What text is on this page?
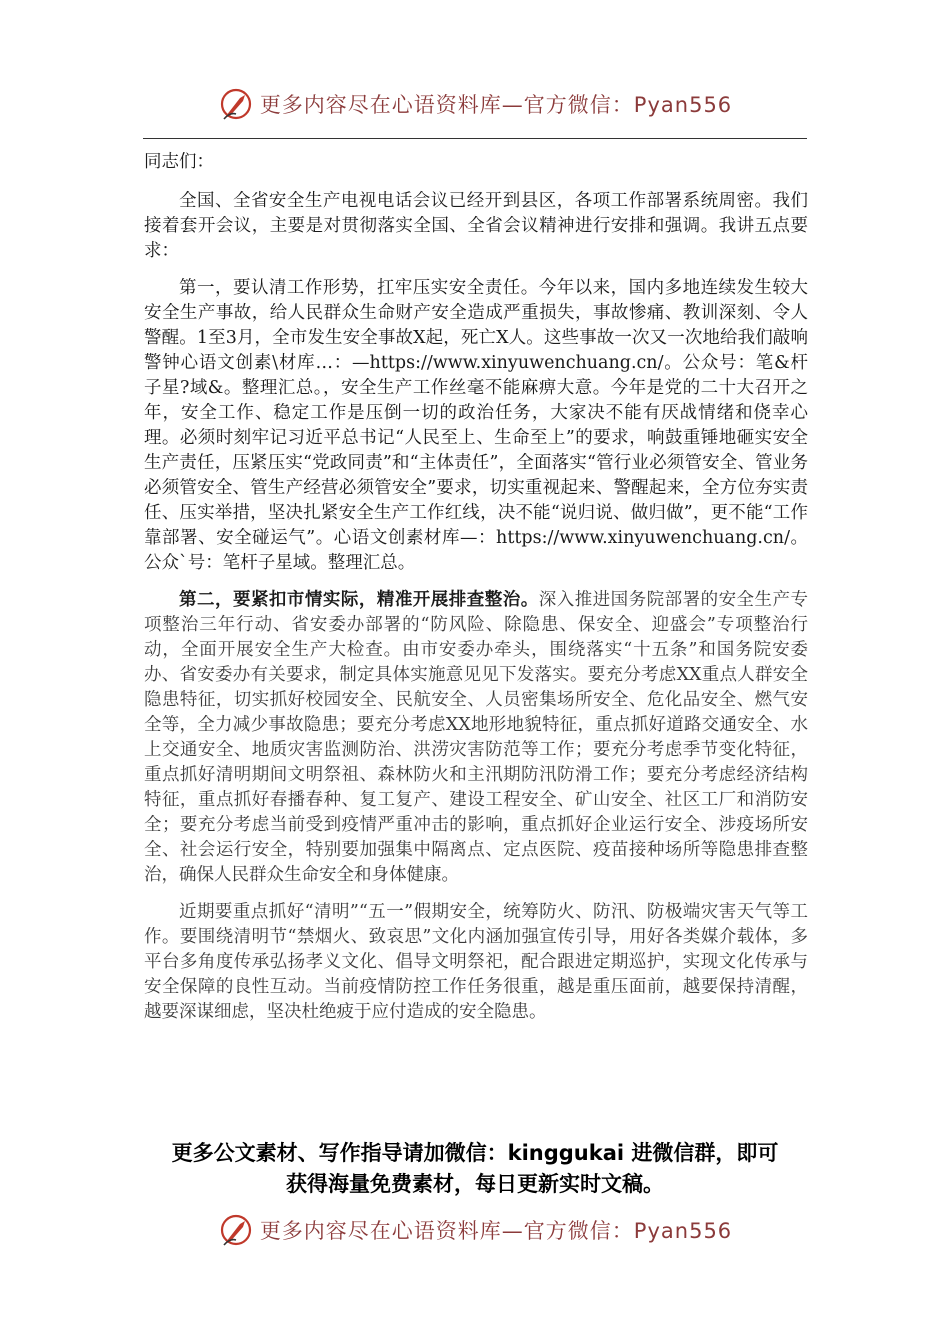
更多内容尽在心语资料库—官方微信：Pyan556

同志们：

全国、全省安全生产电视电话会议已经开到县区，各项工作部署系统周密。我们接着套开会议，主要是对贯彻落实全国、全省会议精神进行安排和强调。我讲五点要求：

第一，要认清工作形势，扛牢压实安全责任。今年以来，国内多地连续发生较大安全生产事故，给人民群众生命财产安全造成严重损失，事故惨痛、教训深刻、令人警醒。1至3月，全市发生安全事故X起，死亡X人。这些事故一次又一次地给我们敲响警钟心语文创素\材库…：—https://www.xinyuwenchuang.cn/。公众号：笔&杆子星?域&。整理汇总。，安全生产工作丝毫不能麻痹大意。今年是党的二十大召开之年，安全工作、稳定工作是压倒一切的政治任务，大家决不能有厌战情绪和侥幸心理。必须时刻牢记习近平总书记“人民至上、生命至上”的要求，响鼓重锤地砸实安全生产责任，压紧压实“党政同责”和“主体责任”，全面落实“管行业必须管安全、管业务必须管安全、管生产经营必须管安全”要求，切实重视起来、警醒起来，全方位夯实责任、压实举措，坚决扎紧安全生产工作红线，决不能“说归说、做归做”，更不能“工作靠部署、安全碰运气”。心语文创素材库—：https://www.xinyuwenchuang.cn/。公众`号：笔杆子星域。整理汇总。

第二，要紧扣市情实际，精准开展排查整治。深入推进国务院部署的安全生产专项整治三年行动、省安委办部署的“防风险、除隐患、保安全、迎盛会”专项整治行动，全面开展安全生产大检查。由市安委办牵头，围绕落实“十五条”和国务院安委办、省安委办有关要求，制定具体实施意见见下发落实。要充分考虑XX重点人群安全隐患特征，切实抓好校园安全、民航安全、人员密集场所安全、危化品安全、燃气安全等，全力减少事故隐患；要充分考虑XX地形地貌特征，重点抓好道路交通安全、水上交通安全、地质灾害监测防治、洪涝灾害防范等工作；要充分考虑季节变化特征，重点抓好清明期间文明祭祖、森林防火和主汛期防汛防滑工作；要充分考虑经济结构特征，重点抓好春播春种、复工复产、建设工程安全、矿山安全、社区工厂和消防安全；要充分考虑当前受到疫情严重冲击的影响，重点抓好企业运行安全、涉疫场所安全、社会运行安全，特别要加强集中隔离点、定点医院、疫苗接种场所等隐患排查整治，确保人民群众生命安全和身体健康。

近期要重点抓好“清明”“五一”假期安全，统筹防火、防汛、防极端灾害天气等工作。要围绕清明节“禁烟火、致哀思”文化内涵加强宣传引导，用好各类媒介载体，多平台多角度传承弘扬孝义文化、倡导文明祭祀，配合跟进定期巡护，实现文化传承与安全保障的良性互动。当前疫情防控工作任务很重，越是重压面前，越要保持清醒，越要深谋细虑，坚决杜绝疲于应付造成的安全隐患。

更多公文素材、写作指导请加微信：kinggukai 进微信群，即可
获得海量免费素材，每日更新实时文稿。
更多内容尽在心语资料库—官方微信：Pyan556
